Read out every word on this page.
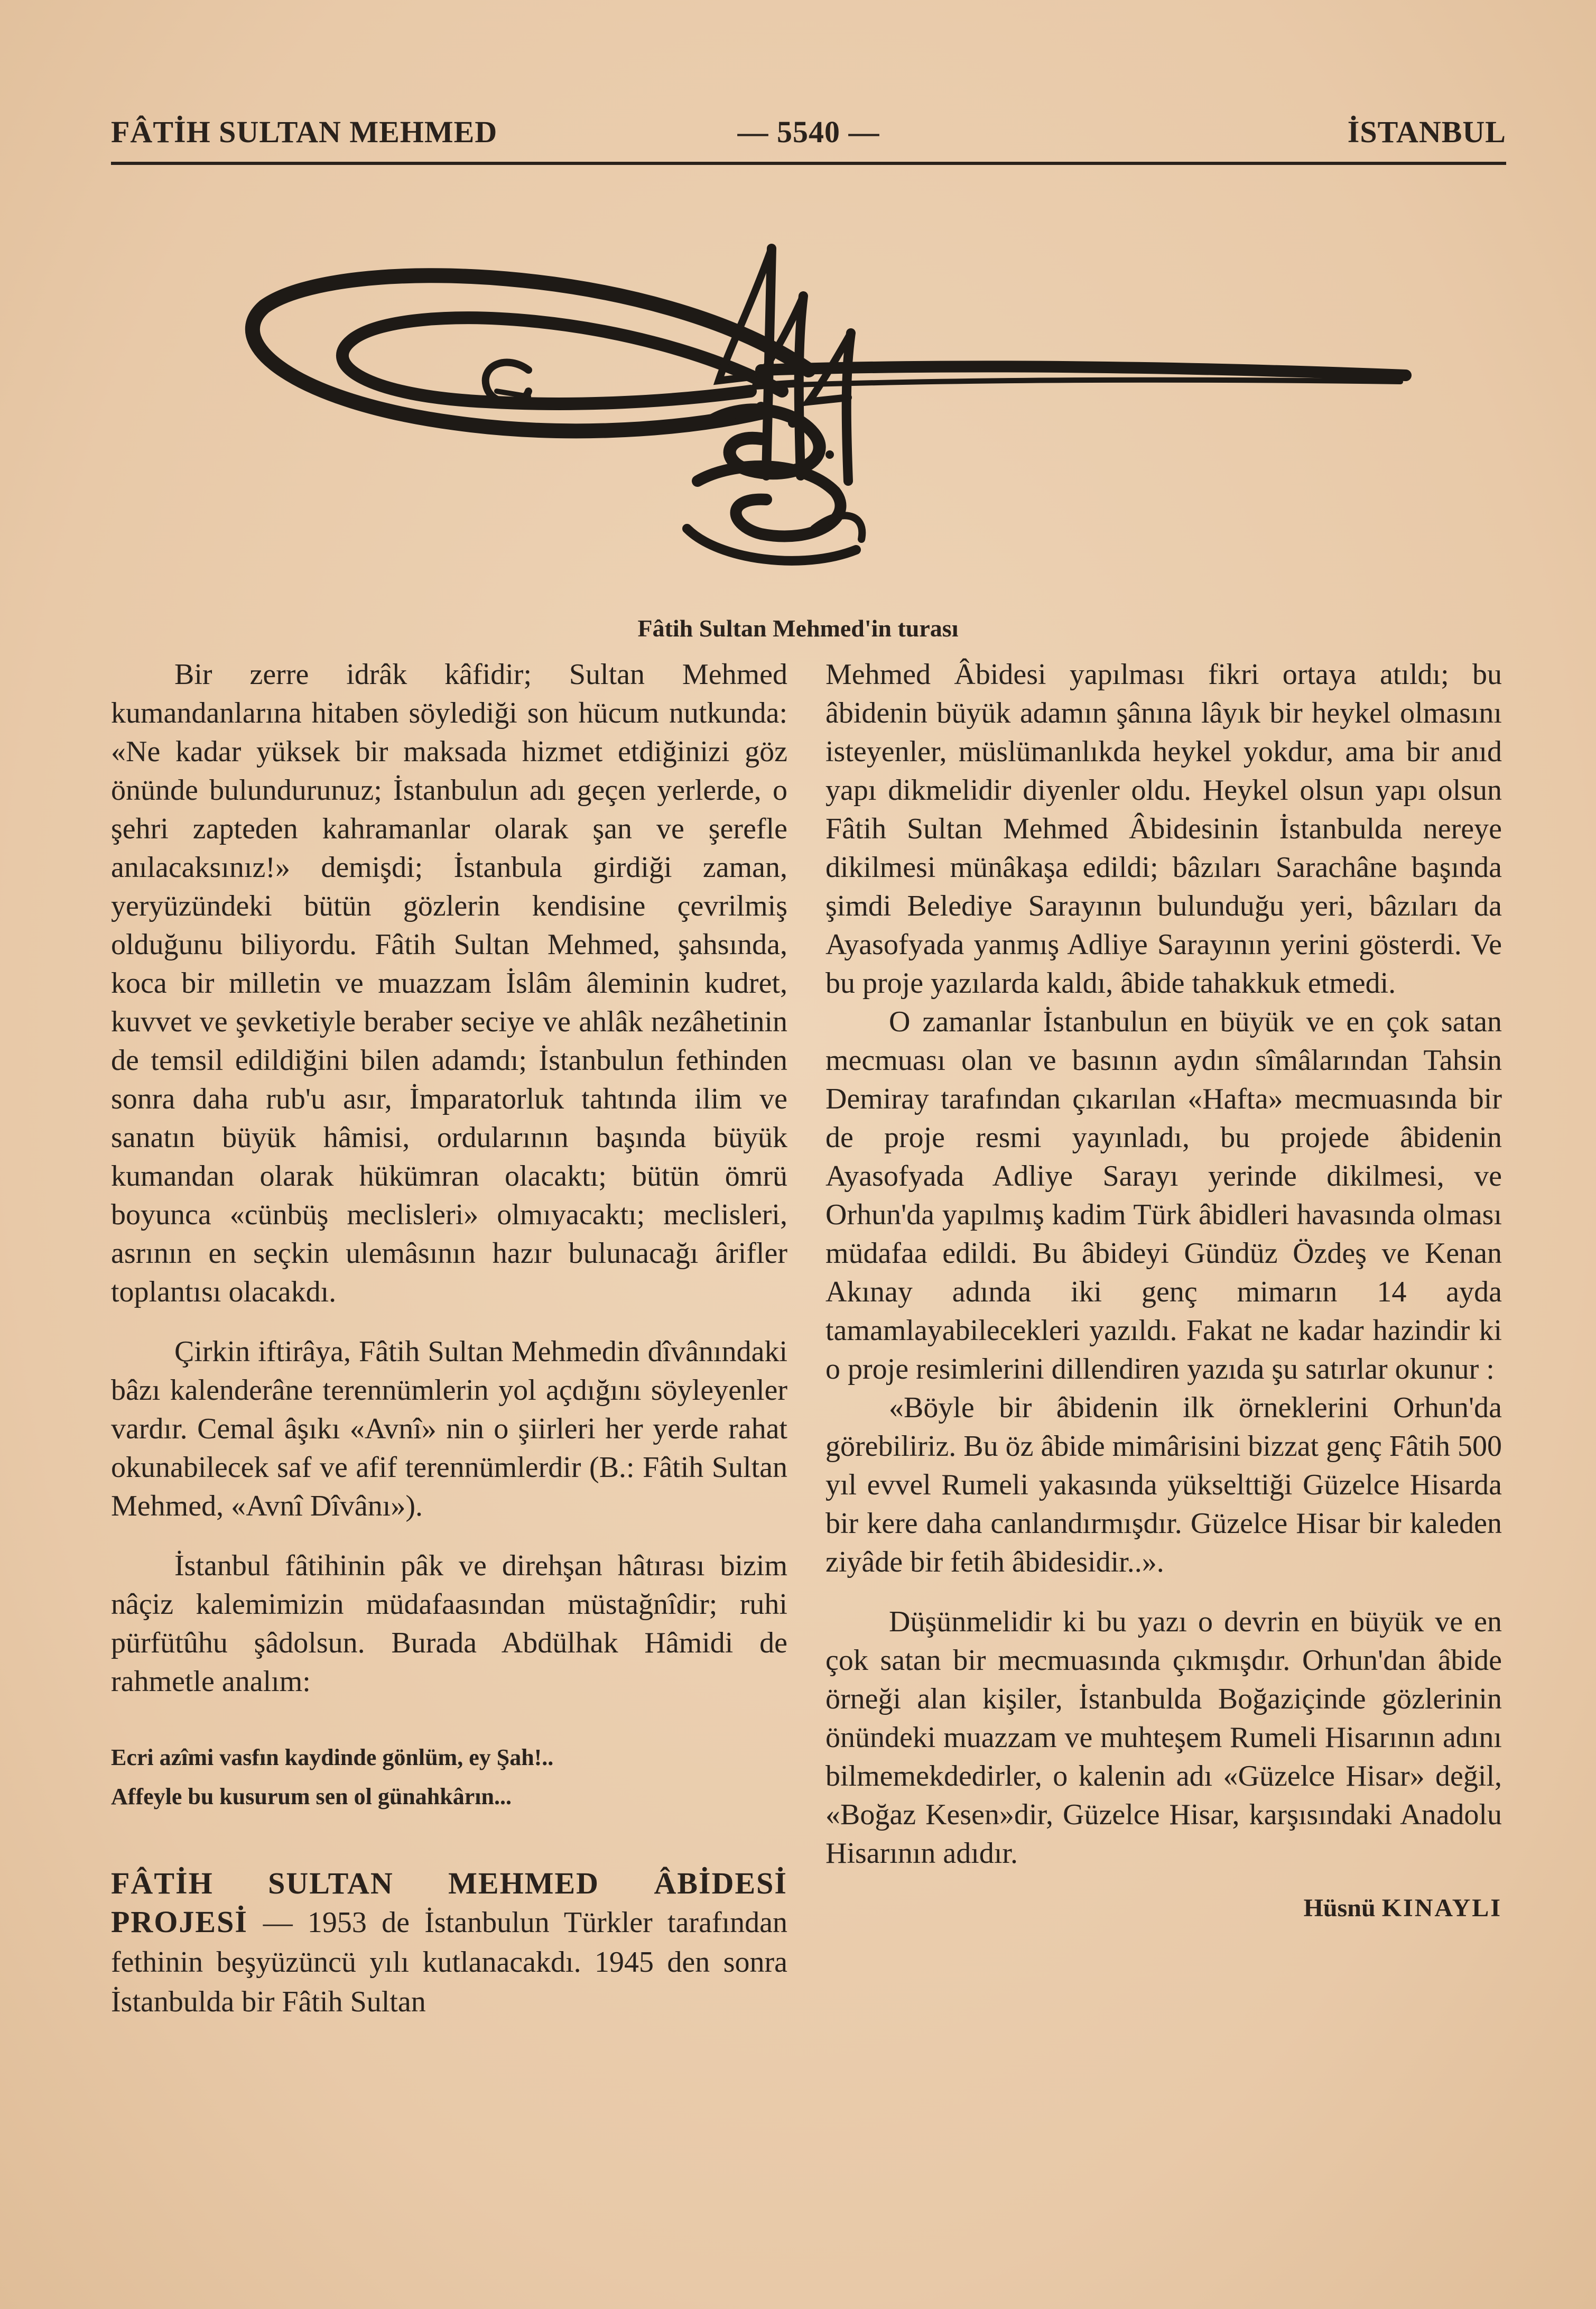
FÂTİH SULTAN MEHMED	— 5540 —	İSTANBUL
Fâtih Sultan Mehmed'in turası

Bir zerre idrâk kâfidir; Sultan Mehmed kumandanlarına hitaben söylediği son hücum nutkunda: «Ne kadar yüksek bir maksada hizmet etdiğinizi göz önünde bulundurunuz; İstanbulun adı geçen yerlerde, o şehri zapteden kahramanlar olarak şan ve şerefle anılacaksınız!» demişdi; İstanbula girdiği zaman, yeryüzündeki bütün gözlerin kendisine çevrilmiş olduğunu biliyordu. Fâtih Sultan Mehmed, şahsında, koca bir milletin ve muazzam İslâm âleminin kudret, kuvvet ve şevketiyle beraber seciye ve ahlâk nezâhetinin de temsil edildiğini bilen adamdı; İstanbulun fethinden sonra daha rub'u asır, İmparatorluk tahtında ilim ve sanatın büyük hâmisi, ordularının başında büyük kumandan olarak hükümran olacaktı; bütün ömrü boyunca «cünbüş meclisleri» olmıyacaktı; meclisleri, asrının en seçkin ulemâsının hazır bulunacağı ârifler toplantısı olacakdı.

Çirkin iftirâya, Fâtih Sultan Mehmedin dîvânındaki bâzı kalenderâne terennümlerin yol açdığını söyleyenler vardır. Cemal âşıkı «Avnî» nin o şiirleri her yerde rahat okunabilecek saf ve afif terennümlerdir (B.: Fâtih Sultan Mehmed, «Avnî Dîvânı»).

İstanbul fâtihinin pâk ve direhşan hâtırası bizim nâçiz kalemimizin müdafaasından müstağnîdir; ruhi pürfütûhu şâdolsun. Burada Abdülhak Hâmidi de rahmetle analım:

Ecri azîmi vasfın kaydinde gönlüm, ey Şah!..
Affeyle bu kusurum sen ol günahkârın...
FÂTİH SULTAN MEHMED ÂBİDESİ PROJESİ — 1953 de İstanbulun Türkler tarafından fethinin beşyüzüncü yılı kutlanacakdı. 1945 den sonra İstanbulda bir Fâtih Sultan

Mehmed Âbidesi yapılması fikri ortaya atıldı; bu âbidenin büyük adamın şânına lâyık bir heykel olmasını isteyenler, müslümanlıkda heykel yokdur, ama bir anıd yapı dikmelidir diyenler oldu. Heykel olsun yapı olsun Fâtih Sultan Mehmed Âbidesinin İstanbulda nereye dikilmesi münâkaşa edildi; bâzıları Sarachâne başında şimdi Belediye Sarayının bulunduğu yeri, bâzıları da Ayasofyada yanmış Adliye Sarayının yerini gösterdi. Ve bu proje yazılarda kaldı, âbide tahakkuk etmedi.

O zamanlar İstanbulun en büyük ve en çok satan mecmuası olan ve basının aydın sîmâlarından Tahsin Demiray tarafından çıkarılan «Hafta» mecmuasında bir de proje resmi yayınladı, bu projede âbidenin Ayasofyada Adliye Sarayı yerinde dikilmesi, ve Orhun'da yapılmış kadim Türk âbidleri havasında olması müdafaa edildi. Bu âbideyi Gündüz Özdeş ve Kenan Akınay adında iki genç mimarın 14 ayda tamamlayabilecekleri yazıldı. Fakat ne kadar hazindir ki o proje resimlerini dillendiren yazıda şu satırlar okunur :

«Böyle bir âbidenin ilk örneklerini Orhun'da görebiliriz. Bu öz âbide mimârisini bizzat genç Fâtih 500 yıl evvel Rumeli yakasında yükselttiği Güzelce Hisarda bir kere daha canlandırmışdır. Güzelce Hisar bir kaleden ziyâde bir fetih âbidesidir..».

Düşünmelidir ki bu yazı o devrin en büyük ve en çok satan bir mecmuasında çıkmışdır. Orhun'dan âbide örneği alan kişiler, İstanbulda Boğaziçinde gözlerinin önündeki muazzam ve muhteşem Rumeli Hisarının adını bilmemekdedirler, o kalenin adı «Güzelce Hisar» değil, «Boğaz Kesen»dir, Güzelce Hisar, karşısındaki Anadolu Hisarının adıdır.

Hüsnü KINAYLI
